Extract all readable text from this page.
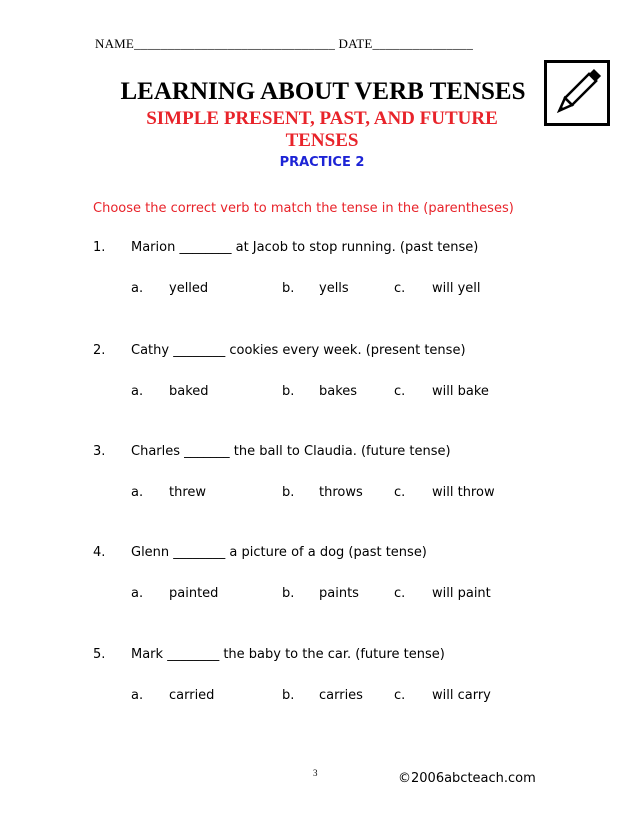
NAME______________________________ DATE_______________
LEARNING ABOUT VERB TENSES
SIMPLE PRESENT, PAST, AND FUTURE TENSES
PRACTICE 2
Choose the correct verb to match the tense in the (parentheses)
1. Marion ________ at Jacob to stop running. (past tense)
a. yelled	b. yells	c. will yell
2. Cathy ________ cookies every week. (present tense)
a. baked	b. bakes	c. will bake
3. Charles _______ the ball to Claudia. (future tense)
a. threw	b. throws c. will throw
4. Glenn ________ a picture of a dog (past tense)
a. painted	b. paints	c. will paint
5. Mark ________ the baby to the car. (future tense)
a. carried	b. carries c. will carry
3	©2006abcteach.com
